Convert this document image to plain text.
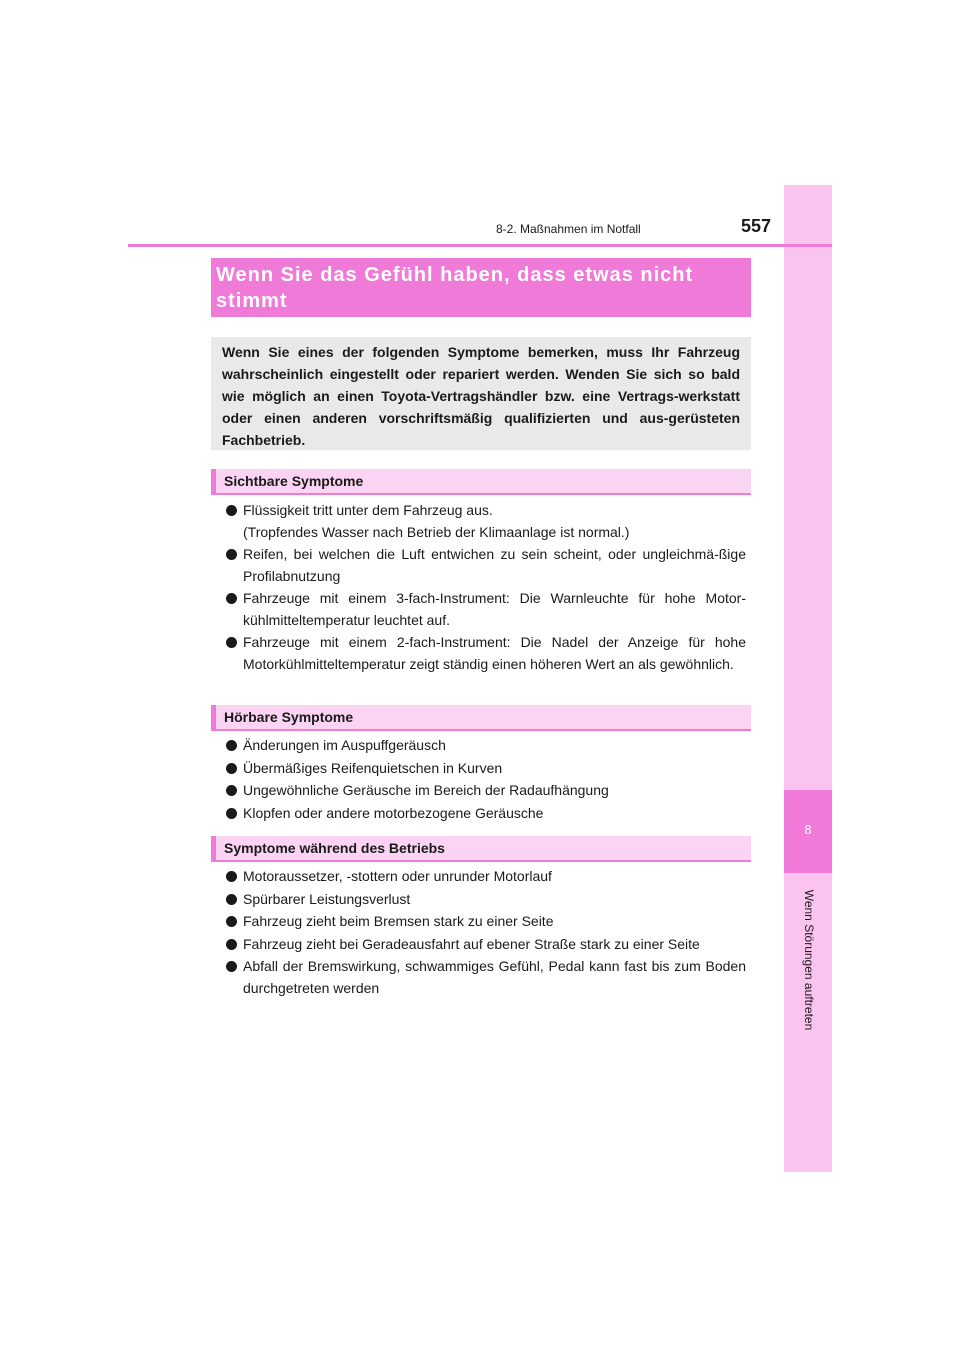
8
Wenn Störungen auftreten
8-2. Maßnahmen im Notfall	557
Wenn Sie das Gefühl haben, dass etwas nicht stimmt
Wenn Sie eines der folgenden Symptome bemerken, muss Ihr Fahrzeug wahrscheinlich eingestellt oder repariert werden. Wenden Sie sich so bald wie möglich an einen Toyota-Vertragshändler bzw. eine Vertrags-werkstatt oder einen anderen vorschriftsmäßig qualifizierten und aus-gerüsteten Fachbetrieb.
Sichtbare Symptome
Flüssigkeit tritt unter dem Fahrzeug aus.
(Tropfendes Wasser nach Betrieb der Klimaanlage ist normal.)
Reifen, bei welchen die Luft entwichen zu sein scheint, oder ungleichmä-ßige Profilabnutzung
Fahrzeuge mit einem 3-fach-Instrument: Die Warnleuchte für hohe Motor-kühlmitteltemperatur leuchtet auf.
Fahrzeuge mit einem 2-fach-Instrument: Die Nadel der Anzeige für hohe Motorkühlmitteltemperatur zeigt ständig einen höheren Wert an als gewöhnlich.
Hörbare Symptome
Änderungen im Auspuffgeräusch
Übermäßiges Reifenquietschen in Kurven
Ungewöhnliche Geräusche im Bereich der Radaufhängung
Klopfen oder andere motorbezogene Geräusche
Symptome während des Betriebs
Motoraussetzer, -stottern oder unrunder Motorlauf
Spürbarer Leistungsverlust
Fahrzeug zieht beim Bremsen stark zu einer Seite
Fahrzeug zieht bei Geradeausfahrt auf ebener Straße stark zu einer Seite
Abfall der Bremswirkung, schwammiges Gefühl, Pedal kann fast bis zum Boden durchgetreten werden
